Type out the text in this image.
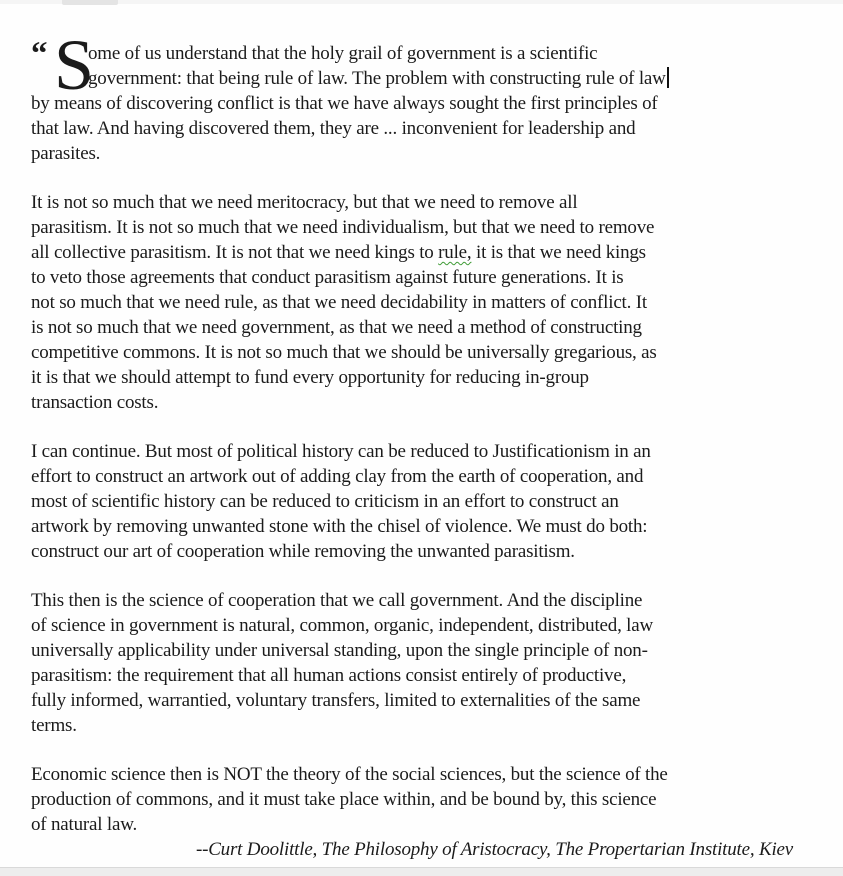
“ S
ome of us understand that the holy grail of government is a scientific
government: that being rule of law. The problem with constructing rule of law
by means of discovering conflict is that we have always sought the first principles of
that law. And having discovered them, they are ... inconvenient for leadership and
parasites.
It is not so much that we need meritocracy, but that we need to remove all
parasitism. It is not so much that we need individualism, but that we need to remove
all collective parasitism. It is not that we need kings to rule, it is that we need kings
to veto those agreements that conduct parasitism against future generations. It is
not so much that we need rule, as that we need decidability in matters of conflict. It
is not so much that we need government, as that we need a method of constructing
competitive commons. It is not so much that we should be universally gregarious, as
it is that we should attempt to fund every opportunity for reducing in-group
transaction costs.
I can continue. But most of political history can be reduced to Justificationism in an
effort to construct an artwork out of adding clay from the earth of cooperation, and
most of scientific history can be reduced to criticism in an effort to construct an
artwork by removing unwanted stone with the chisel of violence. We must do both:
construct our art of cooperation while removing the unwanted parasitism.
This then is the science of cooperation that we call government. And the discipline
of science in government is natural, common, organic, independent, distributed, law
universally applicability under universal standing, upon the single principle of non-
parasitism: the requirement that all human actions consist entirely of productive,
fully informed, warrantied, voluntary transfers, limited to externalities of the same
terms.
Economic science then is NOT the theory of the social sciences, but the science of the
production of commons, and it must take place within, and be bound by, this science
of natural law.
--Curt Doolittle, The Philosophy of Aristocracy, The Propertarian Institute, Kiev
